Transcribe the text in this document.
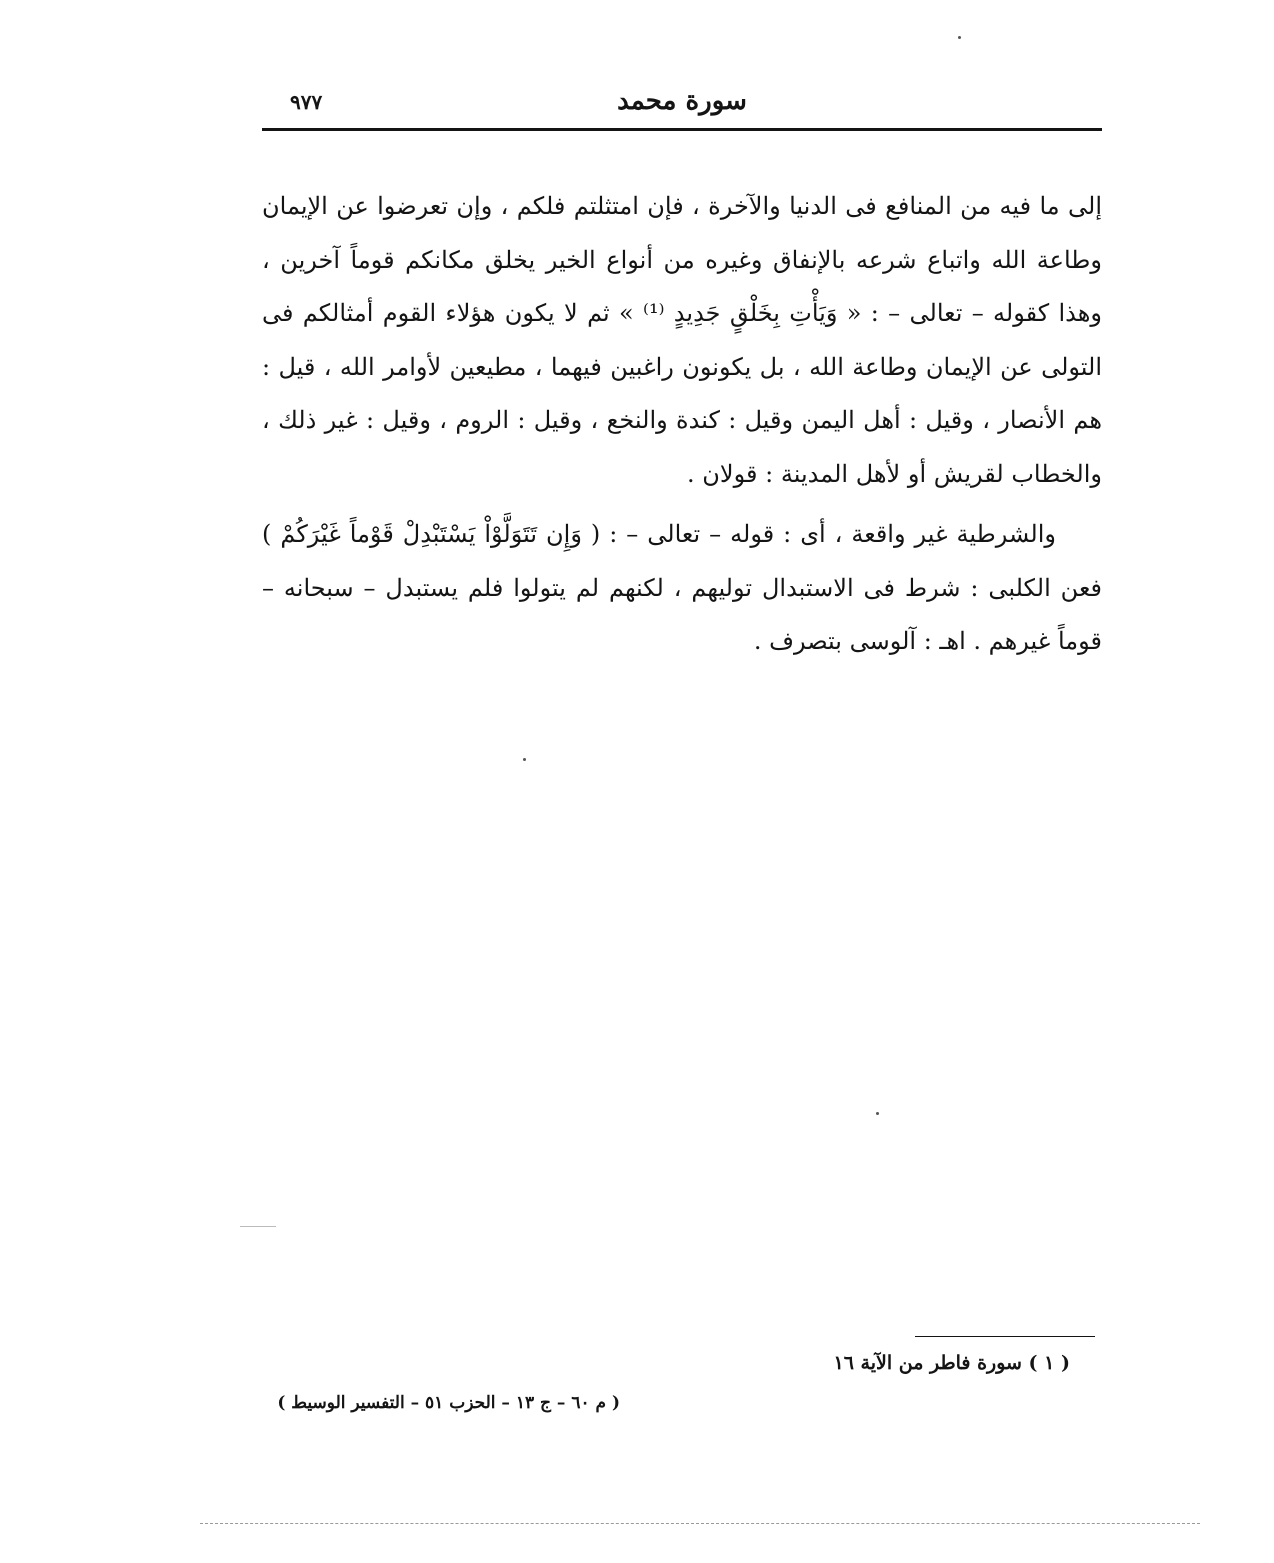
٩٧٧	سورة محمد

إلى ما فيه من المنافع فى الدنيا والآخرة ، فإن امتثلتم فلكم ، وإن تعرضوا عن الإيمان وطاعة الله واتباع شرعه بالإنفاق وغيره من أنواع الخير يخلق مكانكم قوماً آخرين ، وهذا كقوله – تعالى – : « وَيَأْتِ بِخَلْقٍ جَدِيدٍ ⁽¹⁾ » ثم لا يكون هؤلاء القوم أمثالكم فى التولى عن الإيمان وطاعة الله ، بل يكونون راغبين فيهما ، مطيعين لأوامر الله ، قيل : هم الأنصار ، وقيل : أهل اليمن وقيل : كندة والنخع ، وقيل : الروم ، وقيل : غير ذلك ، والخطاب لقريش أو لأهل المدينة : قولان .

والشرطية غير واقعة ، أى : قوله – تعالى – : ( وَإِن تَتَوَلَّوْاْ يَسْتَبْدِلْ قَوْماً غَيْرَكُمْ ) فعن الكلبى : شرط فى الاستبدال توليهم ، لكنهم لم يتولوا فلم يستبدل – سبحانه – قوماً غيرهم . اهـ : آلوسى بتصرف .

( ١ ) سورة فاطر من الآية ١٦
( م ٦٠ – ج ١٣ – الحزب ٥١ – التفسير الوسيط )
